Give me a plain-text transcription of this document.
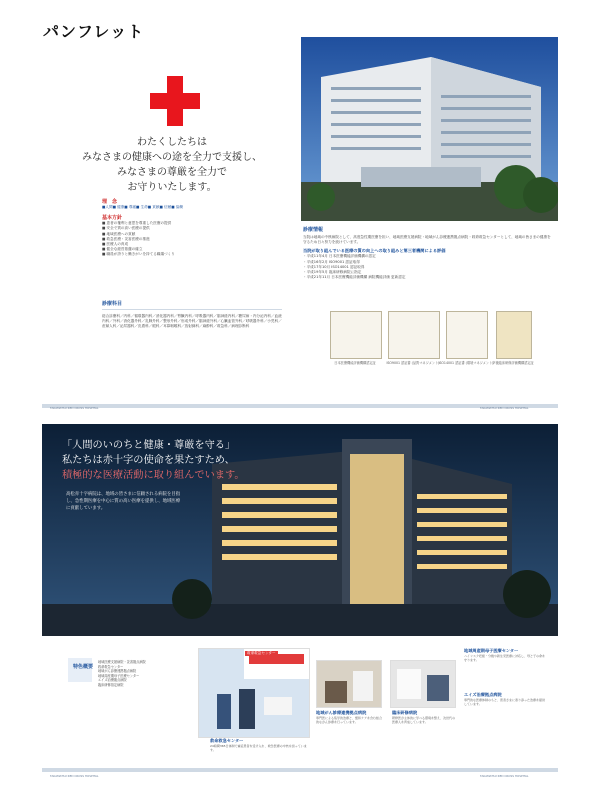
パンフレット
わたくしたちは
みなさまの健康への途を全力で支援し、
みなさまの尊厳を全力で
お守りいたします。
理　念
■人間■ 健康■ 尊厳■ 生命■ 貢献■ 信頼■ 協働
基本方針
■ 患者の権利と意思を尊重した医療の提供
■ 安全で質の高い医療の提供
■ 地域医療への貢献
■ 救急医療・災害医療の推進
■ 医療人の育成
■ 健全な経営基盤の確立
■ 職員が誇りと働きがいを持てる職場づくり
診療科目
総合診療科／内科／循環器内科／消化器内科／腎臓内科／呼吸器内科／脳神経内科／糖尿病・内分泌内科／血液内科／外科／消化器外科／乳腺外科／整形外科／形成外科／脳神経外科／心臓血管外科／呼吸器外科／小児科／産婦人科／泌尿器科／皮膚科／眼科／耳鼻咽喉科／放射線科／麻酔科／救急科／病理診断科
診療情報
当院は地域の中核病院として、高度急性期医療を担い、地域医療支援病院・地域がん診療連携拠点病院・救命救急センターとして、地域の皆さまの健康を守るため日々努力を続けています。
当院が取り組んでいる医療の質の向上への取り組みと第三者機関による評価
・平成11年4月 日本医療機能評価機構の認定
・平成16年2月 ISO9001 認証取得
・平成17年10月 ISO14001 認証取得
・平成19年5月 臨床研修病院に指定
・平成21年11月 日本医療機能評価機構 病院機能評価 更新認定
日本医療機能評価機構認定証	ISO9001 認証書 (品質マネジメント)
ISO14001 認証書 (環境マネジメント)
卒後臨床研修評価機構認定証
TAKAMATSU RED CROSS HOSPITAL	TAKAMATSU RED CROSS HOSPITAL
「人間のいのちと健康・尊厳を守る」
私たちは赤十字の使命を果たすため、
積極的な医療活動に取り組んでいます。
高松赤十字病院は、地域の皆さまに信頼される病院を目指し、急性期医療を中心に質の高い医療を提供し、地域医療に貢献しています。
特色概要
地域医療支援病院・災害拠点病院
救命救急センター
地域がん診療連携拠点病院
地域周産期母子医療センター
エイズ治療拠点病院
臨床研修指定病院
救命救急センター
救命救急センター
24時間365日体制で重症患者を受け入れ、救急医療の中核を担っています。
地域がん診療連携拠点病院
専門医による集学的治療と、緩和ケアを含む総合的ながん診療を行っています。
臨床研修病院
研修医が主体的に学べる環境を整え、次世代の医療人を育成しています。
地域周産期母子医療センター
ハイリスク妊娠・分娩や新生児医療に対応し、母と子の命を守ります。
エイズ治療拠点病院
専門的な医療体制のもと、患者さまに寄り添った治療を提供しています。
TAKAMATSU RED CROSS HOSPITAL	TAKAMATSU RED CROSS HOSPITAL
